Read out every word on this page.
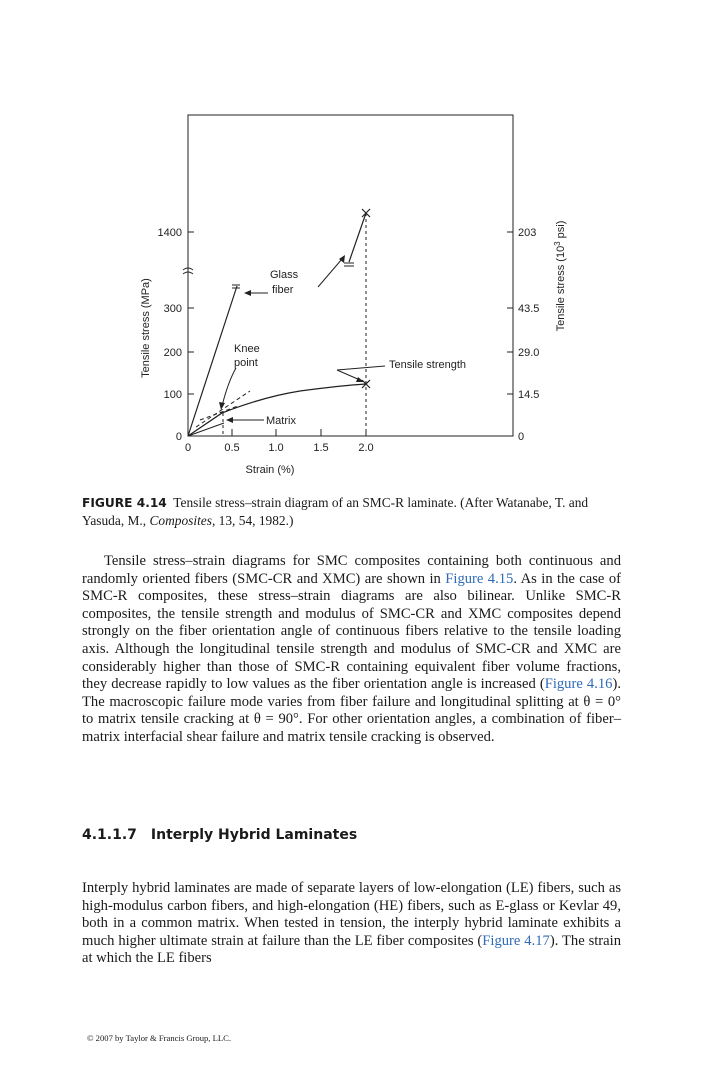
1400
300
200
100
0
203
43.5
29.0
14.5
0
0	0.5	1.0	1.5	2.0
Strain (%)
Tensile stress (MPa)	Tensile stress ($10^3$ psi)
Glass
fiber
Knee
point	Tensile strength
Matrix
FIGURE 4.14 Tensile stress–strain diagram of an SMC-R laminate. (After Watanabe, T. and Yasuda, M., Composites, 13, 54, 1982.)

Tensile stress–strain diagrams for SMC composites containing both continuous and randomly oriented fibers (SMC-CR and XMC) are shown in Figure 4.15. As in the case of SMC-R composites, these stress–strain diagrams are also bilinear. Unlike SMC-R composites, the tensile strength and modulus of SMC-CR and XMC composites depend strongly on the fiber orientation angle of continuous fibers relative to the tensile loading axis. Although the longitudinal tensile strength and modulus of SMC-CR and XMC are considerably higher than those of SMC-R containing equivalent fiber volume fractions, they decrease rapidly to low values as the fiber orientation angle is increased (Figure 4.16). The macroscopic failure mode varies from fiber failure and longitudinal splitting at θ = 0° to matrix tensile cracking at θ = 90°. For other orientation angles, a combination of fiber–matrix interfacial shear failure and matrix tensile cracking is observed.

4.1.1.7 Interply Hybrid Laminates

Interply hybrid laminates are made of separate layers of low-elongation (LE) fibers, such as high-modulus carbon fibers, and high-elongation (HE) fibers, such as E-glass or Kevlar 49, both in a common matrix. When tested in tension, the interply hybrid laminate exhibits a much higher ultimate strain at failure than the LE fiber composites (Figure 4.17). The strain at which the LE fibers

© 2007 by Taylor & Francis Group, LLC.
